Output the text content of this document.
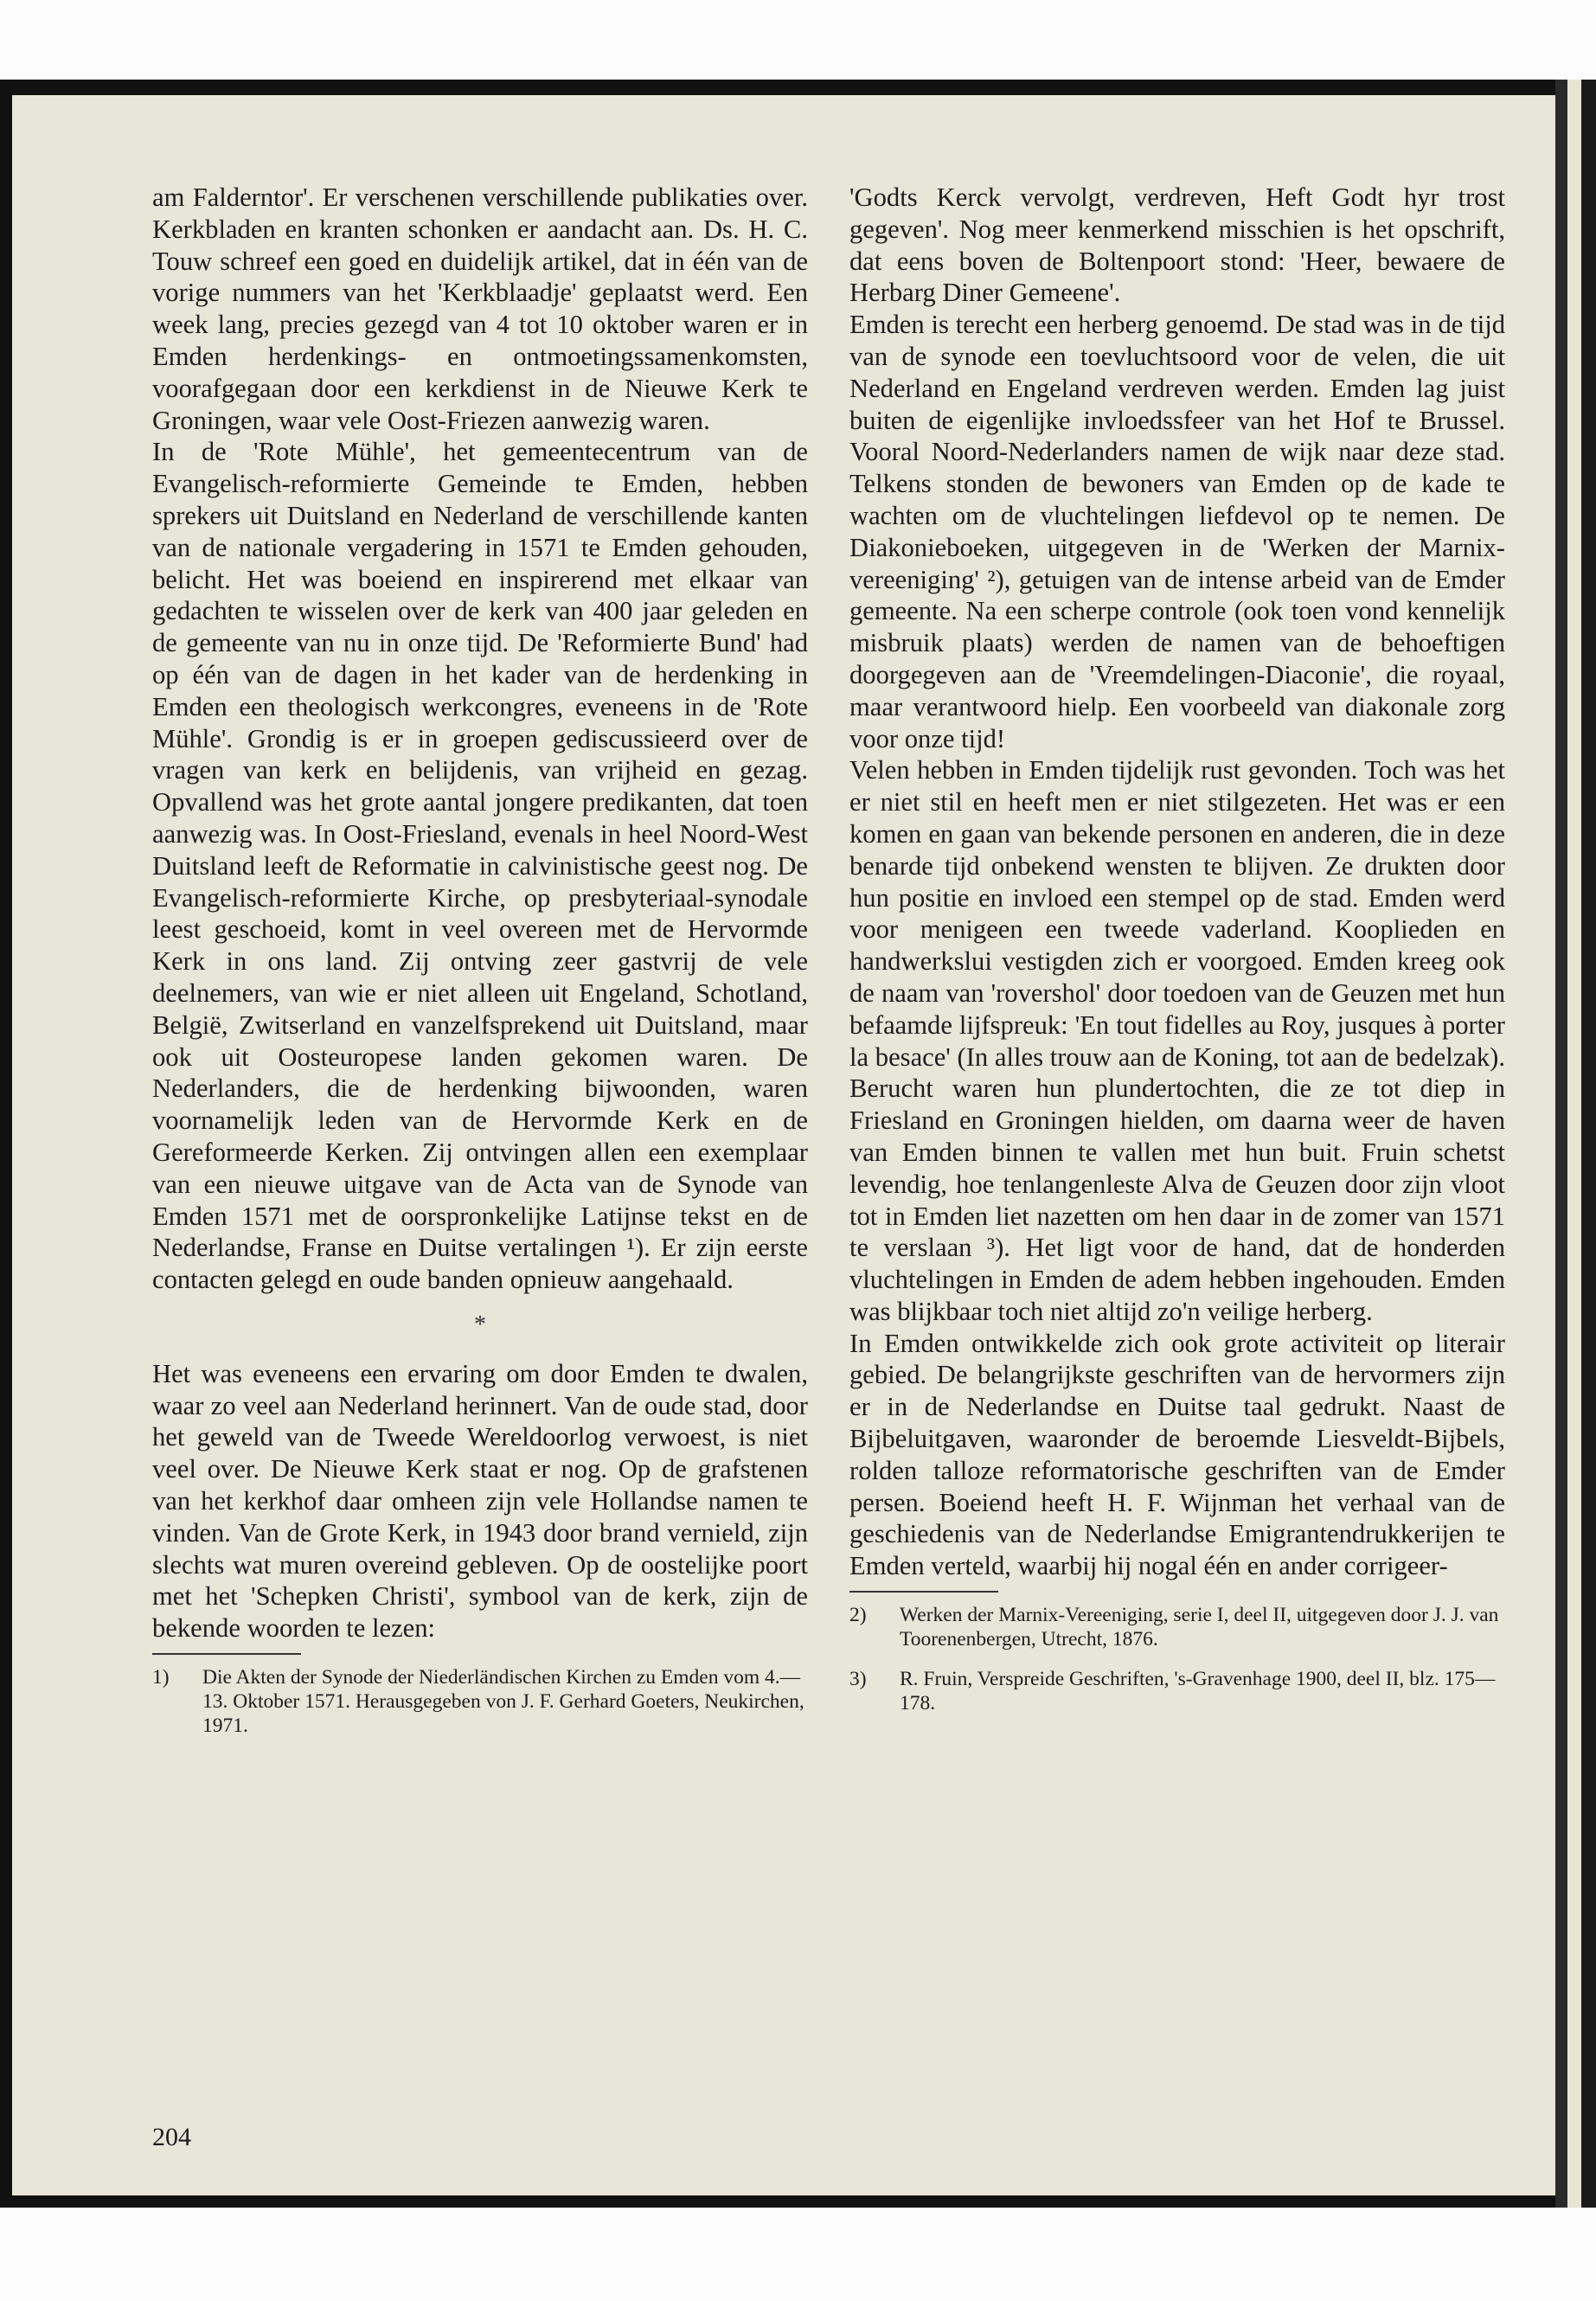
am Falderntor'. Er verschenen verschillende publikaties over. Kerkbladen en kranten schonken er aandacht aan. Ds. H. C. Touw schreef een goed en duidelijk artikel, dat in één van de vorige nummers van het 'Kerkblaadje' geplaatst werd. Een week lang, precies gezegd van 4 tot 10 oktober waren er in Emden herdenkings- en ontmoetingssamenkomsten, voorafgegaan door een kerkdienst in de Nieuwe Kerk te Groningen, waar vele Oost-Friezen aanwezig waren.

In de 'Rote Mühle', het gemeentecentrum van de Evangelisch-reformierte Gemeinde te Emden, hebben sprekers uit Duitsland en Nederland de verschillende kanten van de nationale vergadering in 1571 te Emden gehouden, belicht. Het was boeiend en inspirerend met elkaar van gedachten te wisselen over de kerk van 400 jaar geleden en de gemeente van nu in onze tijd. De 'Reformierte Bund' had op één van de dagen in het kader van de herdenking in Emden een theologisch werkcongres, eveneens in de 'Rote Mühle'. Grondig is er in groepen gediscussieerd over de vragen van kerk en belijdenis, van vrijheid en gezag. Opvallend was het grote aantal jongere predikanten, dat toen aanwezig was. In Oost-Friesland, evenals in heel Noord-West Duitsland leeft de Reformatie in calvinistische geest nog. De Evangelisch-reformierte Kirche, op presbyteriaal-synodale leest geschoeid, komt in veel overeen met de Hervormde Kerk in ons land. Zij ontving zeer gastvrij de vele deelnemers, van wie er niet alleen uit Engeland, Schotland, België, Zwitserland en vanzelfsprekend uit Duitsland, maar ook uit Oosteuropese landen gekomen waren. De Nederlanders, die de herdenking bijwoonden, waren voornamelijk leden van de Hervormde Kerk en de Gereformeerde Kerken. Zij ontvingen allen een exemplaar van een nieuwe uitgave van de Acta van de Synode van Emden 1571 met de oorspronkelijke Latijnse tekst en de Nederlandse, Franse en Duitse vertalingen ¹). Er zijn eerste contacten gelegd en oude banden opnieuw aangehaald.

*

Het was eveneens een ervaring om door Emden te dwalen, waar zo veel aan Nederland herinnert. Van de oude stad, door het geweld van de Tweede Wereldoorlog verwoest, is niet veel over. De Nieuwe Kerk staat er nog. Op de grafstenen van het kerkhof daar omheen zijn vele Hollandse namen te vinden. Van de Grote Kerk, in 1943 door brand vernield, zijn slechts wat muren overeind gebleven. Op de oostelijke poort met het 'Schepken Christi', symbool van de kerk, zijn de bekende woorden te lezen:

1)	Die Akten der Synode der Niederländischen Kirchen zu Emden vom 4.—13. Oktober 1571. Herausgegeben von J. F. Gerhard Goeters, Neukirchen, 1971.

'Godts Kerck vervolgt, verdreven, Heft Godt hyr trost gegeven'. Nog meer kenmerkend misschien is het opschrift, dat eens boven de Boltenpoort stond: 'Heer, bewaere de Herbarg Diner Gemeene'.

Emden is terecht een herberg genoemd. De stad was in de tijd van de synode een toevluchtsoord voor de velen, die uit Nederland en Engeland verdreven werden. Emden lag juist buiten de eigenlijke invloedssfeer van het Hof te Brussel. Vooral Noord-Nederlanders namen de wijk naar deze stad. Telkens stonden de bewoners van Emden op de kade te wachten om de vluchtelingen liefdevol op te nemen. De Diakonieboeken, uitgegeven in de 'Werken der Marnix-vereeniging' ²), getuigen van de intense arbeid van de Emder gemeente. Na een scherpe controle (ook toen vond kennelijk misbruik plaats) werden de namen van de behoeftigen doorgegeven aan de 'Vreemdelingen-Diaconie', die royaal, maar verantwoord hielp. Een voorbeeld van diakonale zorg voor onze tijd!

Velen hebben in Emden tijdelijk rust gevonden. Toch was het er niet stil en heeft men er niet stilgezeten. Het was er een komen en gaan van bekende personen en anderen, die in deze benarde tijd onbekend wensten te blijven. Ze drukten door hun positie en invloed een stempel op de stad. Emden werd voor menigeen een tweede vaderland. Kooplieden en handwerkslui vestigden zich er voorgoed. Emden kreeg ook de naam van 'rovershol' door toedoen van de Geuzen met hun befaamde lijfspreuk: 'En tout fidelles au Roy, jusques à porter la besace' (In alles trouw aan de Koning, tot aan de bedelzak). Berucht waren hun plundertochten, die ze tot diep in Friesland en Groningen hielden, om daarna weer de haven van Emden binnen te vallen met hun buit. Fruin schetst levendig, hoe tenlangenleste Alva de Geuzen door zijn vloot tot in Emden liet nazetten om hen daar in de zomer van 1571 te verslaan ³). Het ligt voor de hand, dat de honderden vluchtelingen in Emden de adem hebben ingehouden. Emden was blijkbaar toch niet altijd zo'n veilige herberg.

In Emden ontwikkelde zich ook grote activiteit op literair gebied. De belangrijkste geschriften van de hervormers zijn er in de Nederlandse en Duitse taal gedrukt. Naast de Bijbeluitgaven, waaronder de beroemde Liesveldt-Bijbels, rolden talloze reformatorische geschriften van de Emder persen. Boeiend heeft H. F. Wijnman het verhaal van de geschiedenis van de Nederlandse Emigrantendrukkerijen te Emden verteld, waarbij hij nogal één en ander corrigeer-

2)	Werken der Marnix-Vereeniging, serie I, deel II, uitgegeven door J. J. van Toorenenbergen, Utrecht, 1876.
3)	R. Fruin, Verspreide Geschriften, 's-Gravenhage 1900, deel II, blz. 175—178.
204
